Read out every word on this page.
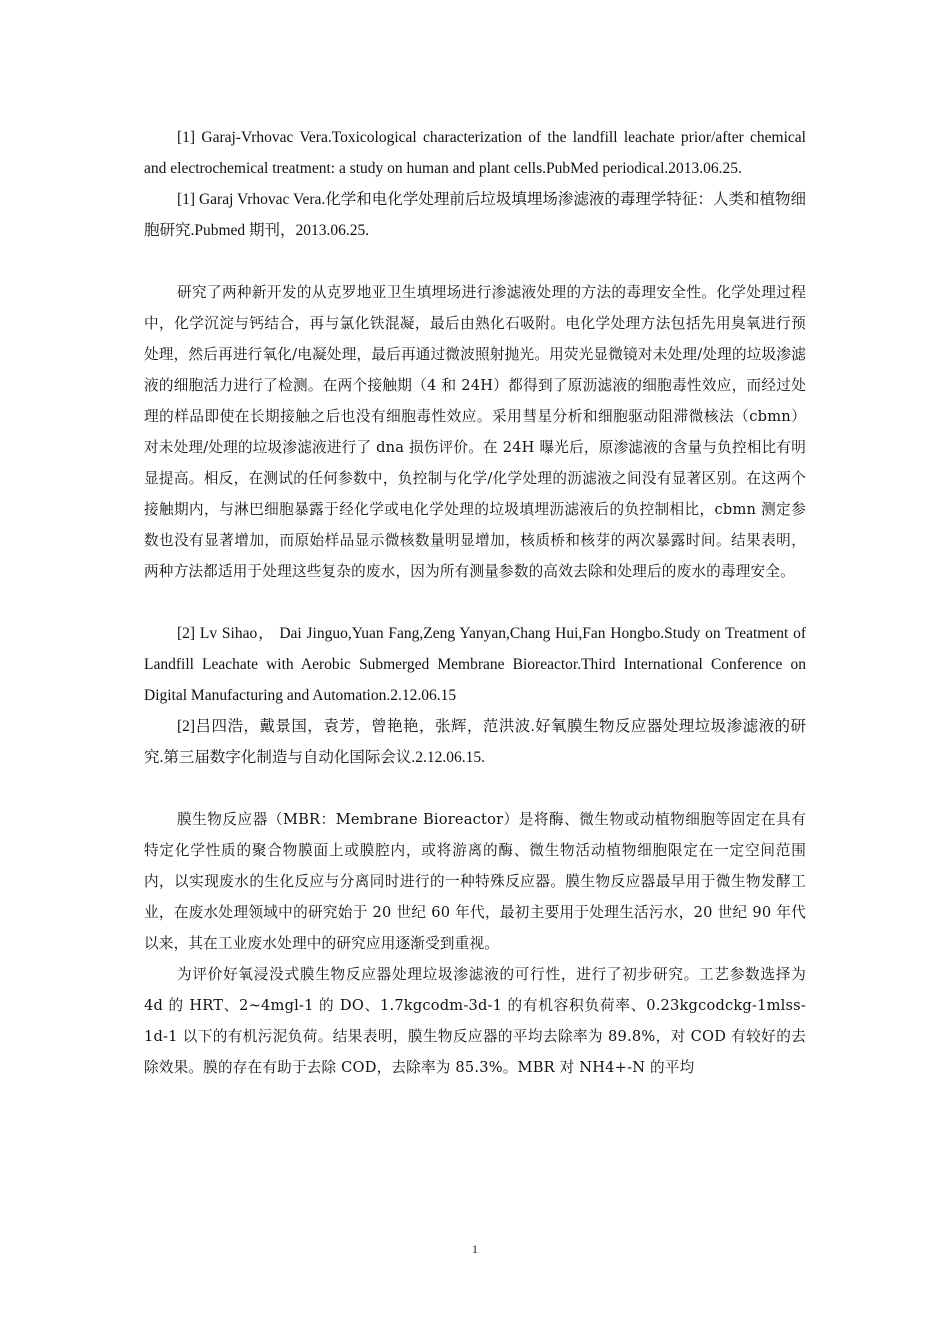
[1] Garaj-Vrhovac Vera.Toxicological characterization of the landfill leachate prior/after chemical and electrochemical treatment: a study on human and plant cells.PubMed periodical.2013.06.25.

[1] Garaj Vrhovac Vera.化学和电化学处理前后垃圾填埋场渗滤液的毒理学特征：人类和植物细胞研究.Pubmed 期刊，2013.06.25.

研究了两种新开发的从克罗地亚卫生填埋场进行渗滤液处理的方法的毒理安全性。化学处理过程中，化学沉淀与钙结合，再与氯化铁混凝，最后由熟化石吸附。电化学处理方法包括先用臭氧进行预处理，然后再进行氧化/电凝处理，最后再通过微波照射抛光。用荧光显微镜对未处理/处理的垃圾渗滤液的细胞活力进行了检测。在两个接触期（4 和 24H）都得到了原沥滤液的细胞毒性效应，而经过处理的样品即使在长期接触之后也没有细胞毒性效应。采用彗星分析和细胞驱动阻滞微核法（cbmn）对未处理/处理的垃圾渗滤液进行了 dna 损伤评价。在 24H 曝光后，原渗滤液的含量与负控相比有明显提高。相反，在测试的任何参数中，负控制与化学/化学处理的沥滤液之间没有显著区别。在这两个接触期内，与淋巴细胞暴露于经化学或电化学处理的垃圾填埋沥滤液后的负控制相比，cbmn 测定参数也没有显著增加，而原始样品显示微核数量明显增加，核质桥和核芽的两次暴露时间。结果表明，两种方法都适用于处理这些复杂的废水，因为所有测量参数的高效去除和处理后的废水的毒理安全。

[2] Lv Sihao， Dai Jinguo,Yuan Fang,Zeng Yanyan,Chang Hui,Fan Hongbo.Study on Treatment of Landfill Leachate with Aerobic Submerged Membrane Bioreactor.Third International Conference on Digital Manufacturing and Automation.2.12.06.15

[2]吕四浩，戴景国，袁芳，曾艳艳，张辉，范洪波.好氧膜生物反应器处理垃圾渗滤液的研究.第三届数字化制造与自动化国际会议.2.12.06.15.

膜生物反应器（MBR：Membrane Bioreactor）是将酶、微生物或动植物细胞等固定在具有特定化学性质的聚合物膜面上或膜腔内，或将游离的酶、微生物活动植物细胞限定在一定空间范围内，以实现废水的生化反应与分离同时进行的一种特殊反应器。膜生物反应器最早用于微生物发酵工业，在废水处理领域中的研究始于 20 世纪 60 年代，最初主要用于处理生活污水，20 世纪 90 年代以来，其在工业废水处理中的研究应用逐渐受到重视。

为评价好氧浸没式膜生物反应器处理垃圾渗滤液的可行性，进行了初步研究。工艺参数选择为 4d 的 HRT、2~4mgl-1 的 DO、1.7kgcodm-3d-1 的有机容积负荷率、0.23kgcodckg-1mlss-1d-1 以下的有机污泥负荷。结果表明，膜生物反应器的平均去除率为 89.8%，对 COD 有较好的去除效果。膜的存在有助于去除 COD，去除率为 85.3%。MBR 对 NH4+-N 的平均

1
